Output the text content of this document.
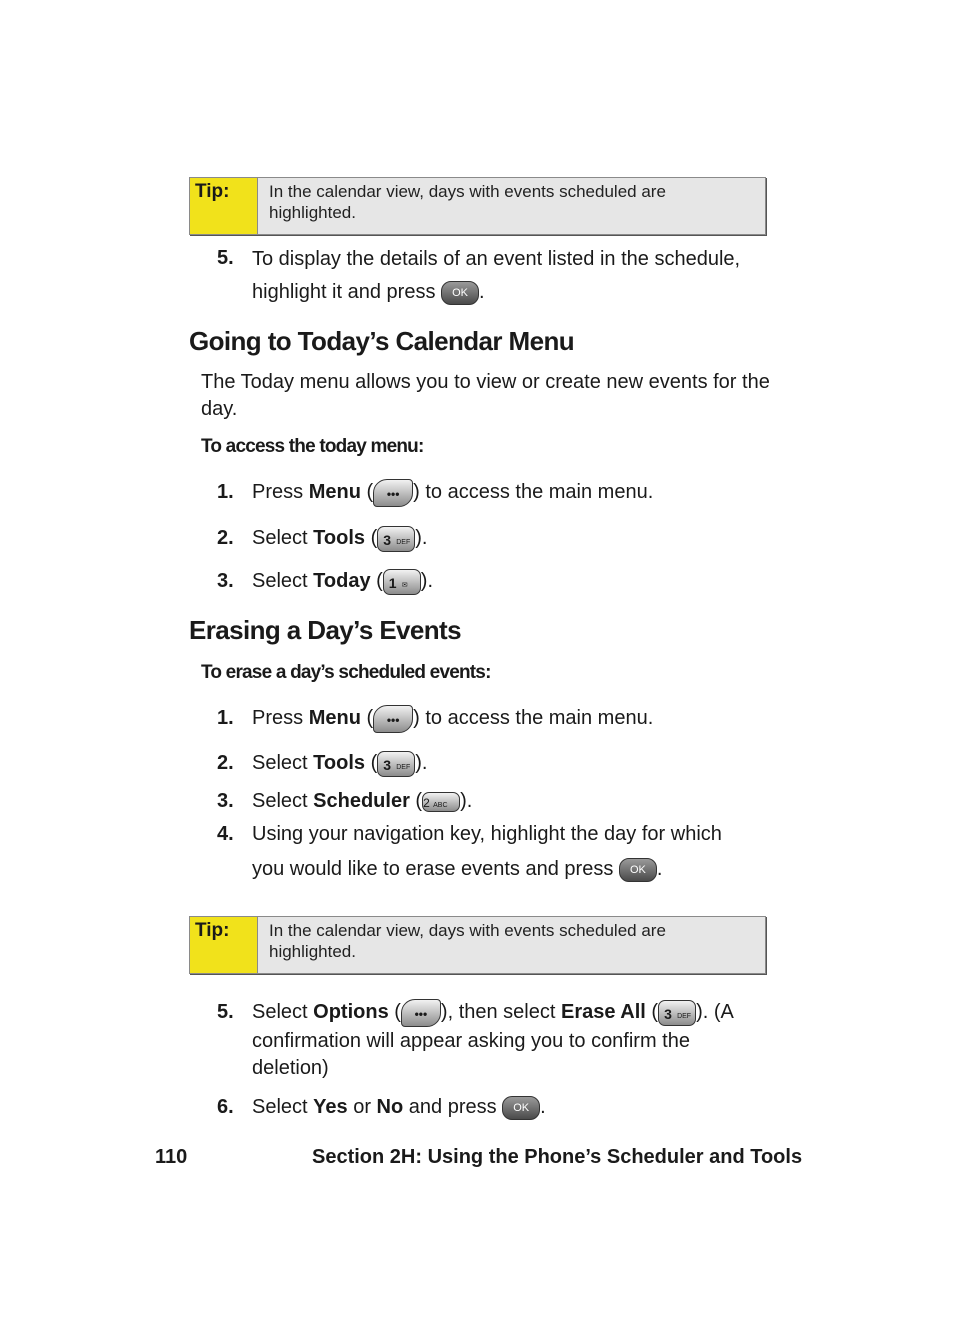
Tip:	In the calendar view, days with events scheduled are highlighted.
5. To display the details of an event listed in the schedule,
highlight it and press OK .
Going to Today’s Calendar Menu
The Today menu allows you to view or create new events for the day.
To access the today menu:
1. Press Menu ( ••• ) to access the main menu.
2. Select Tools ( 3 DEF ).
3. Select Today ( 1 ✉ ).
Erasing a Day’s Events
To erase a day’s scheduled events:
1. Press Menu ( ••• ) to access the main menu.
2. Select Tools ( 3 DEF ).
3. Select Scheduler (2 ABC ).
4. Using your navigation key, highlight the day for which
you would like to erase events and press OK .
Tip:	In the calendar view, days with events scheduled are highlighted.
5. Select Options ( ••• ), then select Erase All ( 3 DEF ). (A
confirmation will appear asking you to confirm the
deletion)
6. Select Yes or No and press OK .
110	Section 2H: Using the Phone’s Scheduler and Tools
